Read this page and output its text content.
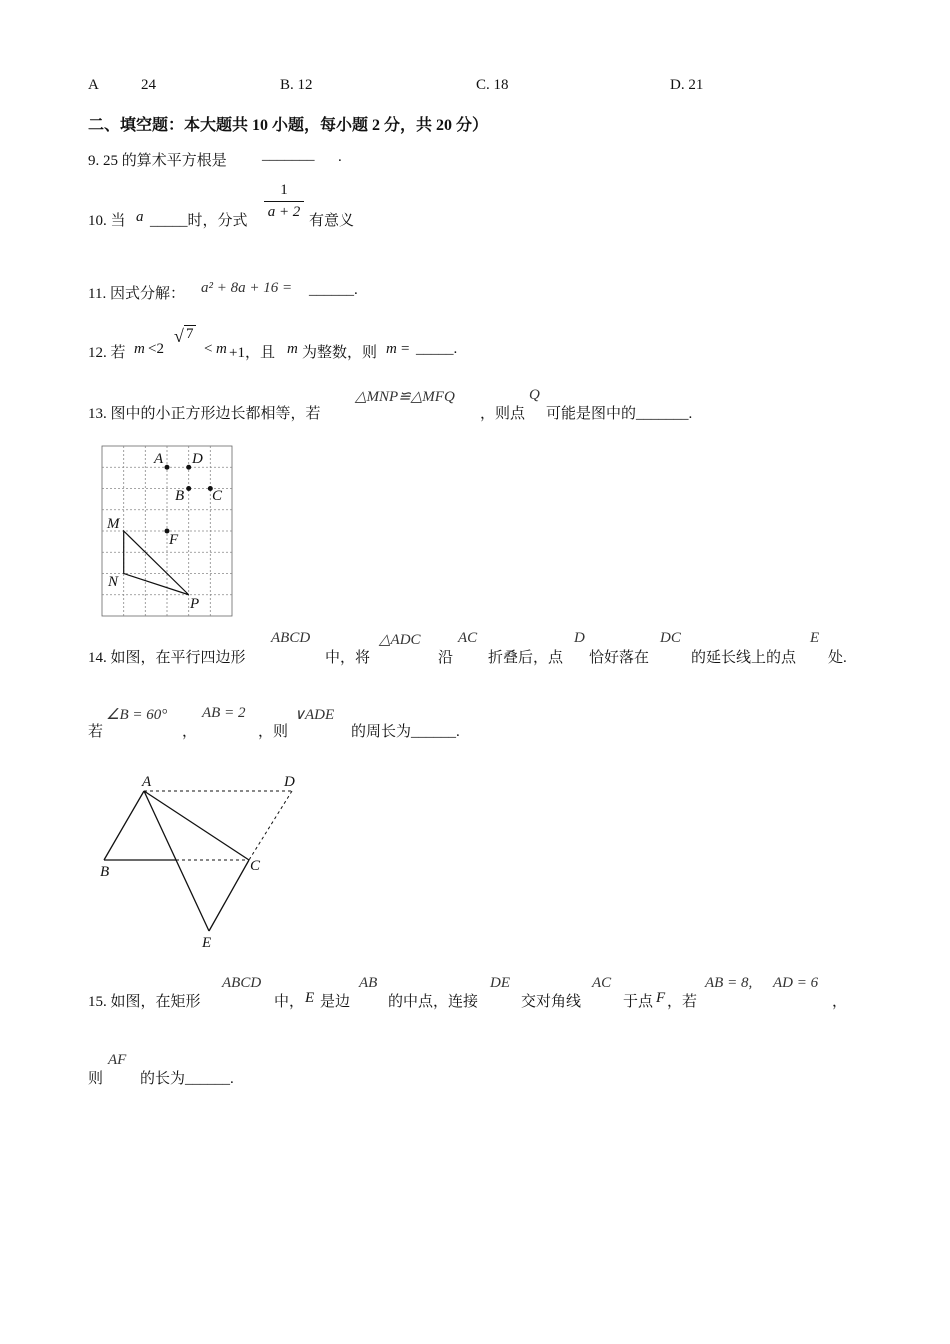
A	24	B. 12	C. 18	D. 21
二、填空题：本大题共 10 小题，每小题 2 分，共 20 分）
9. 25 的算术平方根是 _______ .
10. 当 a _____时，分式
1
a + 2
有意义
11. 因式分解： a² + 8a + 16 = ______.
12. 若 m <2
√ 7
< m +1，且 m 为整数，则 m = _____.
13. 图中的小正方形边长都相等，若
△MNP≌△MFQ
，则点
Q
可能是图中的_______.
A D
B C
M
F
N
P
14. 如图，在平行四边形
ABCD
中，将
△ADC
沿
AC
折叠后，点
D
恰好落在
DC
的延长线上的点
E
处.
若
∠B = 60°
，
AB = 2
，则
∨ADE
的周长为______.
A	D
B	C
E
15. 如图，在矩形
ABCD
中， E 是边
AB
的中点，连接
DE
交对角线
AC
于点 F ，若
AB = 8, AD = 6
，
则
AF
的长为______.
